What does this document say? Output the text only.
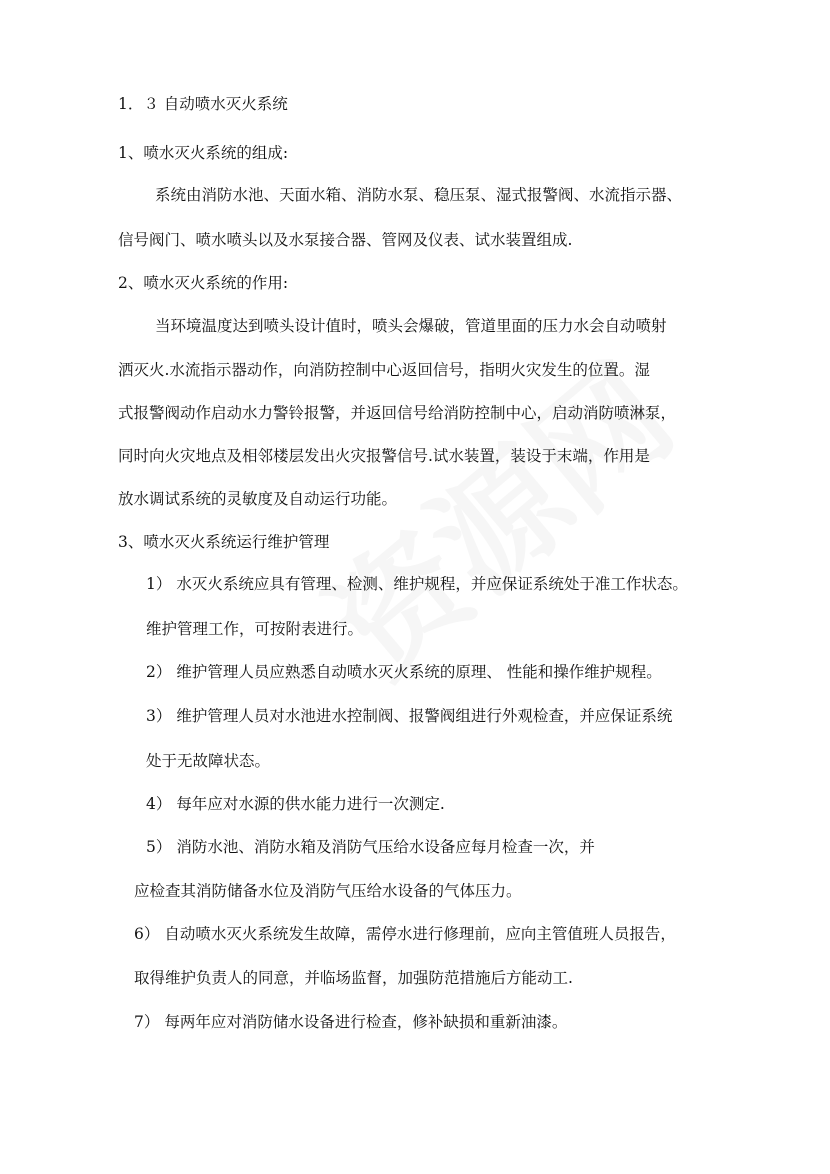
1．３ 自动喷水灭火系统
1、喷水灭火系统的组成:
系统由消防水池、天面水箱、消防水泵、稳压泵、湿式报警阀、水流指示器、
信号阀门、喷水喷头以及水泵接合器、管网及仪表、试水装置组成.
2、喷水灭火系统的作用:
当环境温度达到喷头设计值时，喷头会爆破，管道里面的压力水会自动喷射
洒灭火.水流指示器动作，向消防控制中心返回信号，指明火灾发生的位置。湿
式报警阀动作启动水力警铃报警，并返回信号给消防控制中心，启动消防喷淋泵，
同时向火灾地点及相邻楼层发出火灾报警信号.试水装置，装设于末端，作用是
放水调试系统的灵敏度及自动运行功能。
3、喷水灭火系统运行维护管理
1） 水灭火系统应具有管理、检测、维护规程，并应保证系统处于准工作状态。
维护管理工作，可按附表进行。
2） 维护管理人员应熟悉自动喷水灭火系统的原理、 性能和操作维护规程。
3） 维护管理人员对水池进水控制阀、报警阀组进行外观检查，并应保证系统
处于无故障状态。
4） 每年应对水源的供水能力进行一次测定.
5） 消防水池、消防水箱及消防气压给水设备应每月检查一次，并
应检查其消防储备水位及消防气压给水设备的气体压力。
6） 自动喷水灭火系统发生故障，需停水进行修理前，应向主管值班人员报告，
取得维护负责人的同意，并临场监督，加强防范措施后方能动工.
7） 每两年应对消防储水设备进行检查，修补缺损和重新油漆。
